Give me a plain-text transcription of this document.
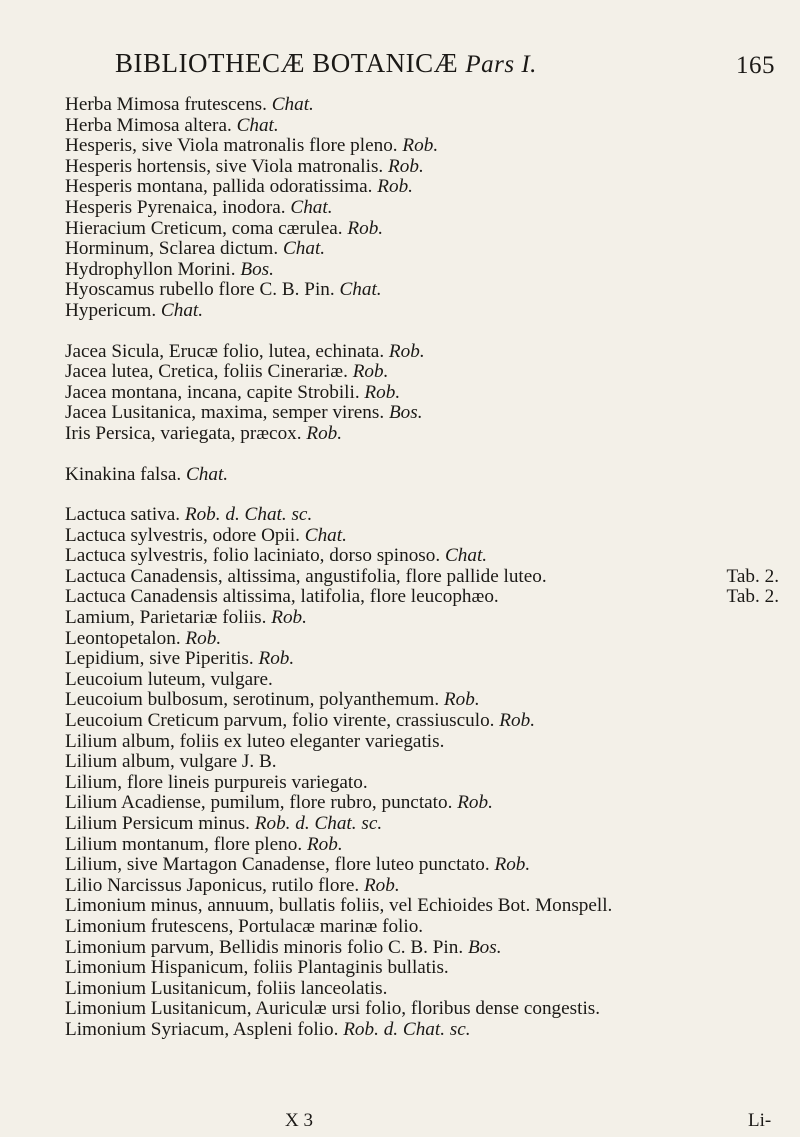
BIBLIOTHECÆ BOTANICÆ Pars I.	165
Herba Mimosa frutescens. Chat.
Herba Mimosa altera. Chat.
Hesperis, sive Viola matronalis flore pleno. Rob.
Hesperis hortensis, sive Viola matronalis. Rob.
Hesperis montana, pallida odoratissima. Rob.
Hesperis Pyrenaica, inodora. Chat.
Hieracium Creticum, coma cærulea. Rob.
Horminum, Sclarea dictum. Chat.
Hydrophyllon Morini. Bos.
Hyoscamus rubello flore C. B. Pin. Chat.
Hypericum. Chat.
Jacea Sicula, Erucæ folio, lutea, echinata. Rob.
Jacea lutea, Cretica, foliis Cinerariæ. Rob.
Jacea montana, incana, capite Strobili. Rob.
Jacea Lusitanica, maxima, semper virens. Bos.
Iris Persica, variegata, præcox. Rob.
Kinakina falsa. Chat.
Lactuca sativa. Rob. d. Chat. sc.
Lactuca sylvestris, odore Opii. Chat.
Lactuca sylvestris, folio laciniato, dorso spinoso. Chat.
Lactuca Canadensis, altissima, angustifolia, flore pallide luteo.	Tab. 2.
Lactuca Canadensis altissima, latifolia, flore leucophæo.	Tab. 2.
Lamium, Parietariæ foliis. Rob.
Leontopetalon. Rob.
Lepidium, sive Piperitis. Rob.
Leucoium luteum, vulgare.
Leucoium bulbosum, serotinum, polyanthemum. Rob.
Leucoium Creticum parvum, folio virente, crassiusculo. Rob.
Lilium album, foliis ex luteo eleganter variegatis.
Lilium album, vulgare J. B.
Lilium, flore lineis purpureis variegato.
Lilium Acadiense, pumilum, flore rubro, punctato. Rob.
Lilium Persicum minus. Rob. d. Chat. sc.
Lilium montanum, flore pleno. Rob.
Lilium, sive Martagon Canadense, flore luteo punctato. Rob.
Lilio Narcissus Japonicus, rutilo flore. Rob.
Limonium minus, annuum, bullatis foliis, vel Echioides Bot. Monspell.
Limonium frutescens, Portulacæ marinæ folio.
Limonium parvum, Bellidis minoris folio C. B. Pin. Bos.
Limonium Hispanicum, foliis Plantaginis bullatis.
Limonium Lusitanicum, foliis lanceolatis.
Limonium Lusitanicum, Auriculæ ursi folio, floribus dense congestis.
Limonium Syriacum, Aspleni folio. Rob. d. Chat. sc.
X 3	Li-
